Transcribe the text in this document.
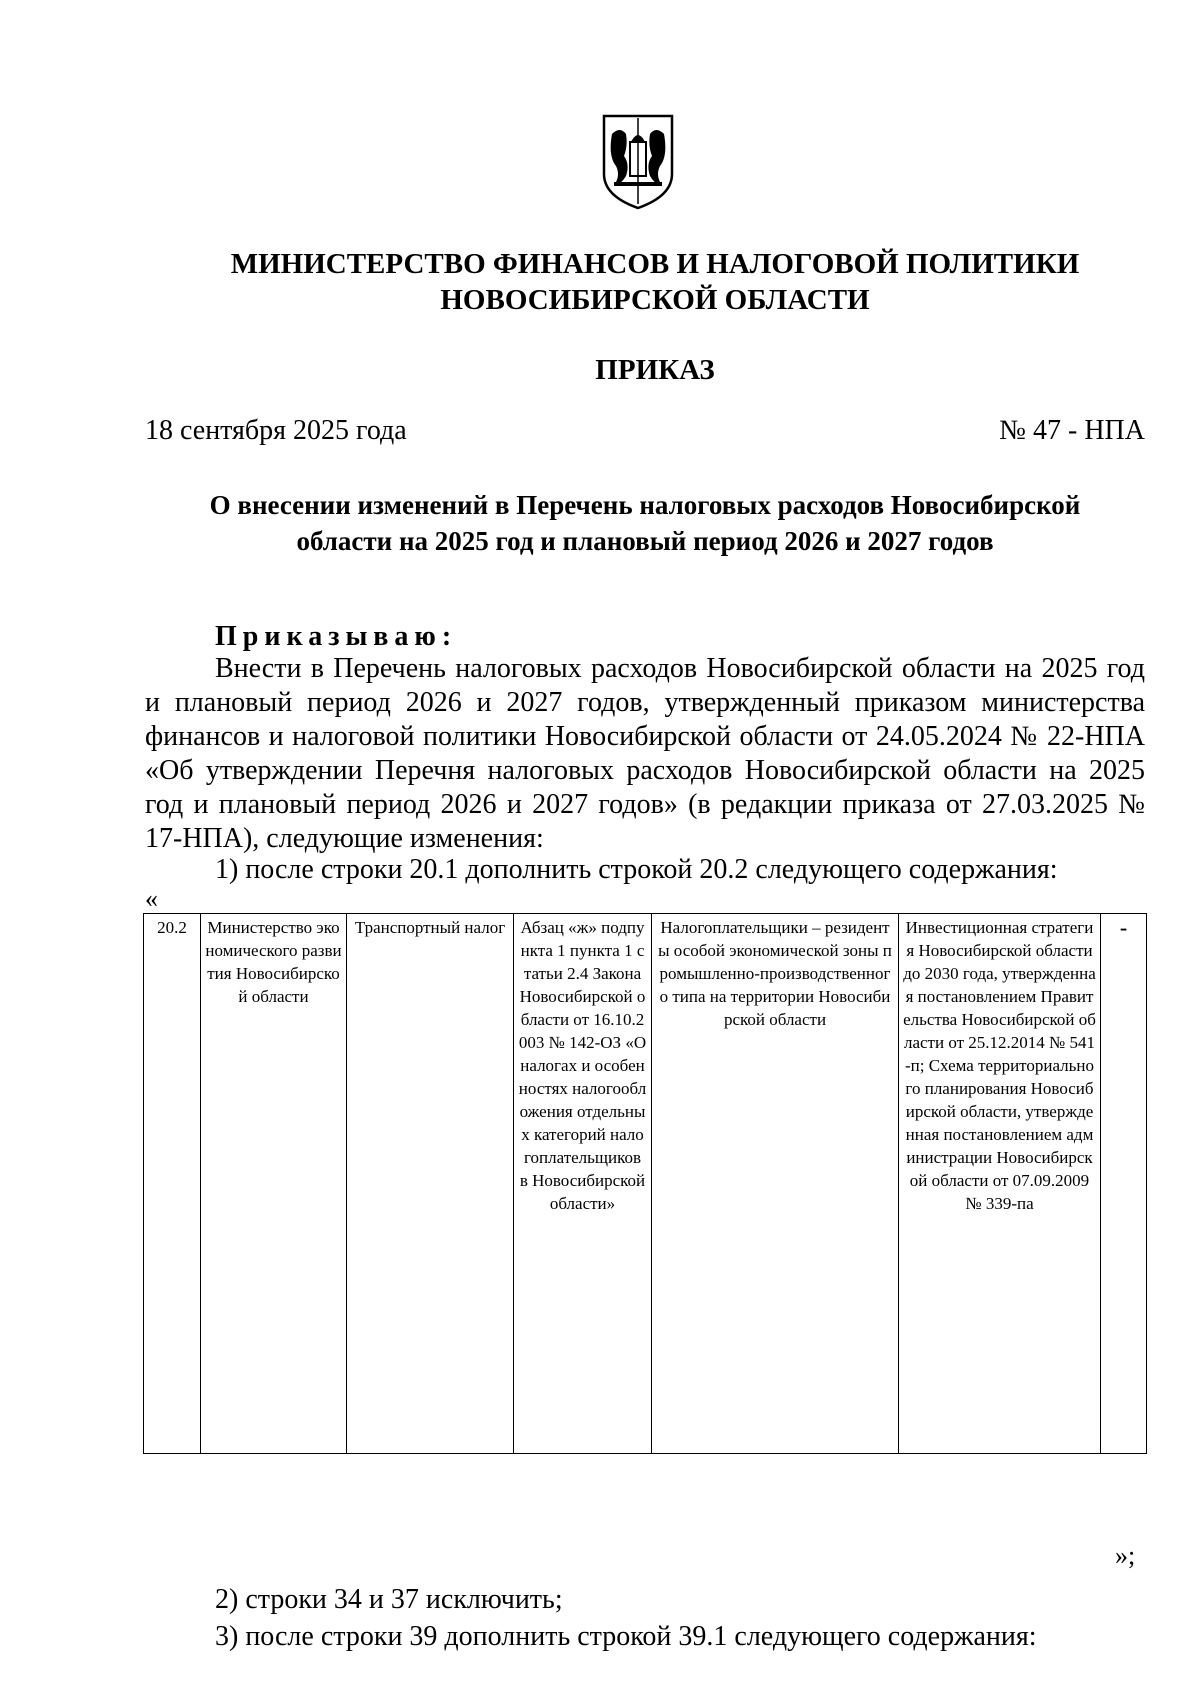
МИНИСТЕРСТВО ФИНАНСОВ И НАЛОГОВОЙ ПОЛИТИКИ
НОВОСИБИРСКОЙ ОБЛАСТИ
ПРИКАЗ
18 сентября 2025 года	№ 47 - НПА
О внесении изменений в Перечень налоговых расходов Новосибирской
области на 2025 год и плановый период 2026 и 2027 годов
Приказываю:

Внести в Перечень налоговых расходов Новосибирской области на 2025 год и плановый период 2026 и 2027 годов, утвержденный приказом министерства финансов и налоговой политики Новосибирской области от 24.05.2024 № 22-НПА «Об утверждении Перечня налоговых расходов Новосибирской области на 2025 год и плановый период 2026 и 2027 годов» (в редакции приказа от 27.03.2025 № 17-НПА), следующие изменения:

1) после строки 20.1 дополнить строкой 20.2 следующего содержания:
«
20.2	Министерство экономического развития Новосибирской области	Транспортный налог	Абзац «ж» подпункта 1 пункта 1 статьи 2.4 Закона Новосибирской области от 16.10.2003 № 142-ОЗ «О налогах и особенностях налогообложения отдельных категорий налогоплательщиков в Новосибирской области»	Налогоплательщики – резиденты особой экономической зоны промышленно-производственного типа на территории Новосибирской области	Инвестиционная стратегия Новосибирской области до 2030 года, утвержденная постановлением Правительства Новосибирской области от 25.12.2014 № 541-п; Схема территориального планирования Новосибирской области, утвержденная постановлением администрации Новосибирской области от 07.09.2009 № 339-па	-
»;
2) строки 34 и 37 исключить;
3) после строки 39 дополнить строкой 39.1 следующего содержания:
